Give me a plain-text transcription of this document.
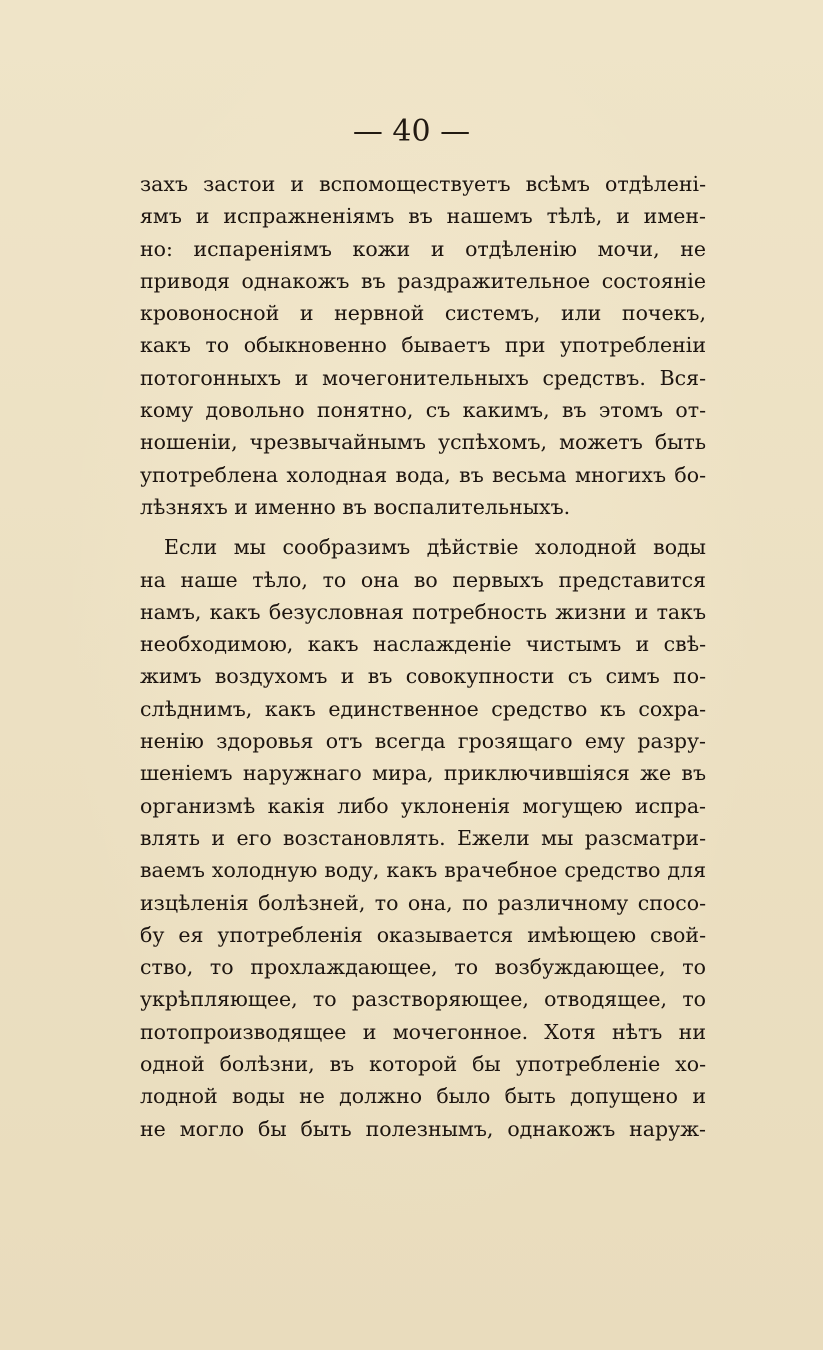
— 40 —
захъ застои и вспомоществуетъ всѣмъ отдѣлені-
ямъ и испражненіямъ въ нашемъ тѣлѣ, и имен-
но: испареніямъ кожи и отдѣленію мочи, не
приводя однакожъ въ раздражительное состояніе
кровоносной и нервной системъ, или почекъ,
какъ то обыкновенно бываетъ при употребленіи
потогонныхъ и мочегонительныхъ средствъ. Вся-
кому довольно понятно, съ какимъ, въ этомъ от-
ношеніи, чрезвычайнымъ успѣхомъ, можетъ быть
употреблена холодная вода, въ весьма многихъ бо-
лѣзняхъ и именно въ воспалительныхъ.
Если мы сообразимъ дѣйствіе холодной воды
на наше тѣло, то она во первыхъ представится
намъ, какъ безусловная потребность жизни и такъ
необходимою, какъ наслажденіе чистымъ и свѣ-
жимъ воздухомъ и въ совокупности съ симъ по-
слѣднимъ, какъ единственное средство къ сохра-
ненію здоровья отъ всегда грозящаго ему разру-
шеніемъ наружнаго мира, приключившіяся же въ
организмѣ какія либо уклоненія могущею испра-
влять и его возстановлять. Ежели мы разсматри-
ваемъ холодную воду, какъ врачебное средство для
изцѣленія болѣзней, то она, по различному спосо-
бу ея употребленія оказывается имѣющею свой-
ство, то прохлаждающее, то возбуждающее, то
укрѣпляющее, то разстворяющее, отводящее, то
потопроизводящее и мочегонное. Хотя нѣтъ ни
одной болѣзни, въ которой бы употребленіе хо-
лодной воды не должно было быть допущено и
не могло бы быть полезнымъ, однакожъ наруж-
